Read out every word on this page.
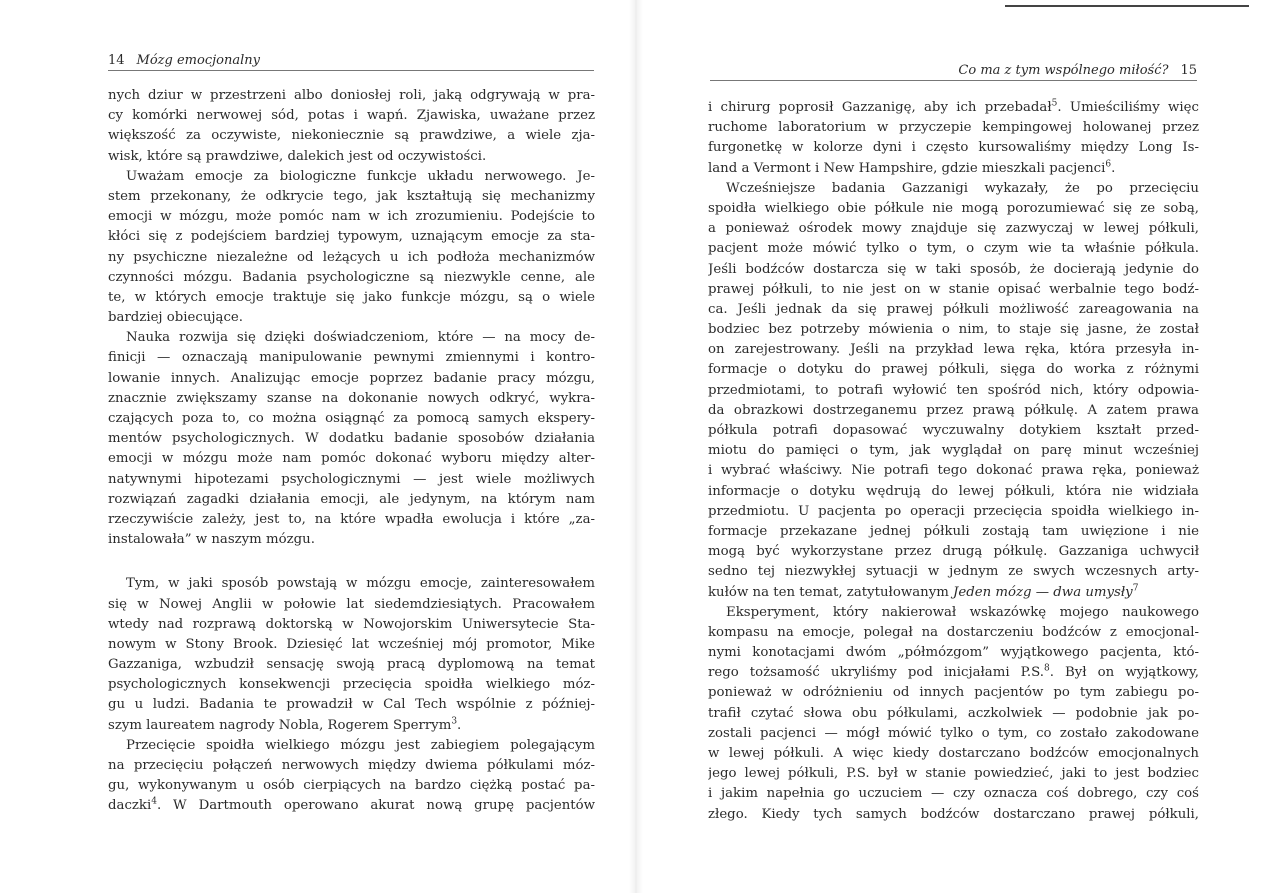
14 Mózg emocjonalny
nych dziur w przestrzeni albo doniosłej roli, jaką odgrywają w pra-
cy komórki nerwowej sód, potas i wapń. Zjawiska, uważane przez
większość za oczywiste, niekoniecznie są prawdziwe, a wiele zja-
wisk, które są prawdziwe, dalekich jest od oczywistości.
Uważam emocje za biologiczne funkcje układu nerwowego. Je-
stem przekonany, że odkrycie tego, jak kształtują się mechanizmy
emocji w mózgu, może pomóc nam w ich zrozumieniu. Podejście to
kłóci się z podejściem bardziej typowym, uznającym emocje za sta-
ny psychiczne niezależne od leżących u ich podłoża mechanizmów
czynności mózgu. Badania psychologiczne są niezwykle cenne, ale
te, w których emocje traktuje się jako funkcje mózgu, są o wiele
bardziej obiecujące.
Nauka rozwija się dzięki doświadczeniom, które — na mocy de-
finicji — oznaczają manipulowanie pewnymi zmiennymi i kontro-
lowanie innych. Analizując emocje poprzez badanie pracy mózgu,
znacznie zwiększamy szanse na dokonanie nowych odkryć, wykra-
czających poza to, co można osiągnąć za pomocą samych ekspery-
mentów psychologicznych. W dodatku badanie sposobów działania
emocji w mózgu może nam pomóc dokonać wyboru między alter-
natywnymi hipotezami psychologicznymi — jest wiele możliwych
rozwiązań zagadki działania emocji, ale jedynym, na którym nam
rzeczywiście zależy, jest to, na które wpadła ewolucja i które „za-
instalowała” w naszym mózgu.
Tym, w jaki sposób powstają w mózgu emocje, zainteresowałem
się w Nowej Anglii w połowie lat siedemdziesiątych. Pracowałem
wtedy nad rozprawą doktorską w Nowojorskim Uniwersytecie Sta-
nowym w Stony Brook. Dziesięć lat wcześniej mój promotor, Mike
Gazzaniga, wzbudził sensację swoją pracą dyplomową na temat
psychologicznych konsekwencji przecięcia spoidła wielkiego móz-
gu u ludzi. Badania te prowadził w Cal Tech wspólnie z później-
szym laureatem nagrody Nobla, Rogerem Sperrym$^3$.
Przecięcie spoidła wielkiego mózgu jest zabiegiem polegającym
na przecięciu połączeń nerwowych między dwiema półkulami móz-
gu, wykonywanym u osób cierpiących na bardzo ciężką postać pa-
daczki$^4$. W Dartmouth operowano akurat nową grupę pacjentów
Co ma z tym wspólnego miłość? 15
i chirurg poprosił Gazzanigę, aby ich przebadał$^5$. Umieściliśmy więc
ruchome laboratorium w przyczepie kempingowej holowanej przez
furgonetkę w kolorze dyni i często kursowaliśmy między Long Is-
land a Vermont i New Hampshire, gdzie mieszkali pacjenci$^6$.
Wcześniejsze badania Gazzanigi wykazały, że po przecięciu
spoidła wielkiego obie półkule nie mogą porozumiewać się ze sobą,
a ponieważ ośrodek mowy znajduje się zazwyczaj w lewej półkuli,
pacjent może mówić tylko o tym, o czym wie ta właśnie półkula.
Jeśli bodźców dostarcza się w taki sposób, że docierają jedynie do
prawej półkuli, to nie jest on w stanie opisać werbalnie tego bodź-
ca. Jeśli jednak da się prawej półkuli możliwość zareagowania na
bodziec bez potrzeby mówienia o nim, to staje się jasne, że został
on zarejestrowany. Jeśli na przykład lewa ręka, która przesyła in-
formacje o dotyku do prawej półkuli, sięga do worka z różnymi
przedmiotami, to potrafi wyłowić ten spośród nich, który odpowia-
da obrazkowi dostrzeganemu przez prawą półkulę. A zatem prawa
półkula potrafi dopasować wyczuwalny dotykiem kształt przed-
miotu do pamięci o tym, jak wyglądał on parę minut wcześniej
i wybrać właściwy. Nie potrafi tego dokonać prawa ręka, ponieważ
informacje o dotyku wędrują do lewej półkuli, która nie widziała
przedmiotu. U pacjenta po operacji przecięcia spoidła wielkiego in-
formacje przekazane jednej półkuli zostają tam uwięzione i nie
mogą być wykorzystane przez drugą półkulę. Gazzaniga uchwycił
sedno tej niezwykłej sytuacji w jednym ze swych wczesnych arty-
kułów na ten temat, zatytułowanym Jeden mózg — dwa umysły$^7$
Eksperyment, który nakierował wskazówkę mojego naukowego
kompasu na emocje, polegał na dostarczeniu bodźców z emocjonal-
nymi konotacjami dwóm „półmózgom” wyjątkowego pacjenta, któ-
rego tożsamość ukryliśmy pod inicjałami P.S.$^8$. Był on wyjątkowy,
ponieważ w odróżnieniu od innych pacjentów po tym zabiegu po-
trafił czytać słowa obu półkulami, aczkolwiek — podobnie jak po-
zostali pacjenci — mógł mówić tylko o tym, co zostało zakodowane
w lewej półkuli. A więc kiedy dostarczano bodźców emocjonalnych
jego lewej półkuli, P.S. był w stanie powiedzieć, jaki to jest bodziec
i jakim napełnia go uczuciem — czy oznacza coś dobrego, czy coś
złego. Kiedy tych samych bodźców dostarczano prawej półkuli,
